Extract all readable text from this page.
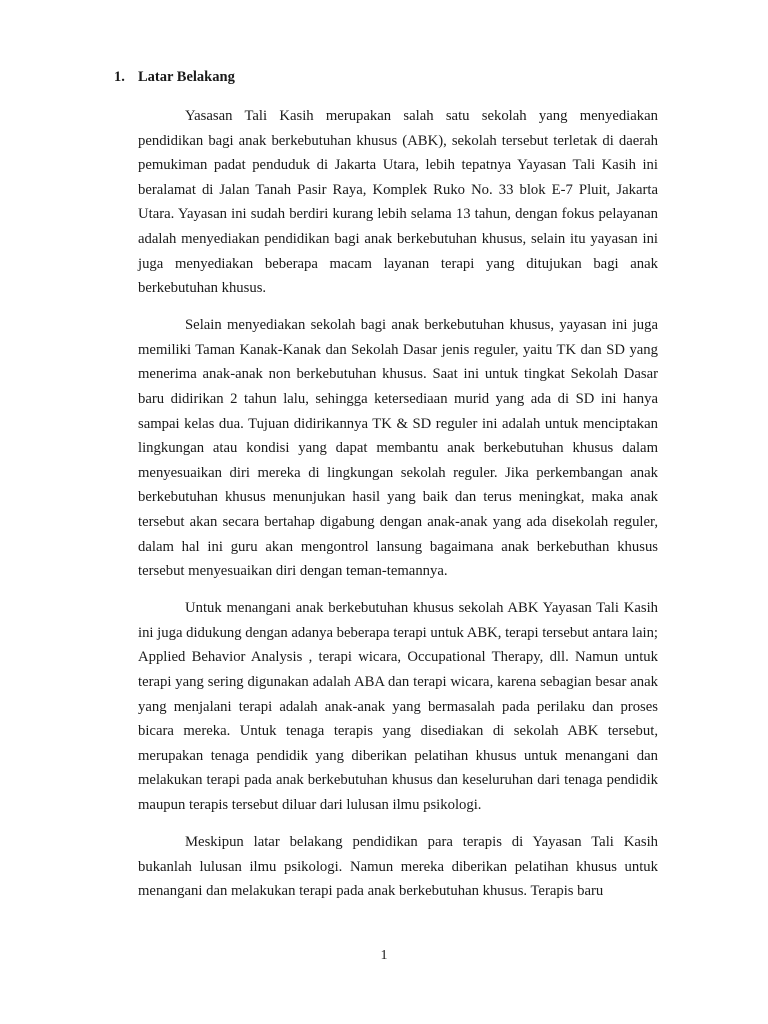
1. Latar Belakang

Yasasan Tali Kasih merupakan salah satu sekolah yang menyediakan pendidikan bagi anak berkebutuhan khusus (ABK), sekolah tersebut terletak di daerah pemukiman padat penduduk di Jakarta Utara, lebih tepatnya Yayasan Tali Kasih ini beralamat di Jalan Tanah Pasir Raya, Komplek Ruko No. 33 blok E-7 Pluit, Jakarta Utara. Yayasan ini sudah berdiri kurang lebih selama 13 tahun, dengan fokus pelayanan adalah menyediakan pendidikan bagi anak berkebutuhan khusus, selain itu yayasan ini juga menyediakan beberapa macam layanan terapi yang ditujukan bagi anak berkebutuhan khusus.

Selain menyediakan sekolah bagi anak berkebutuhan khusus, yayasan ini juga memiliki Taman Kanak-Kanak dan Sekolah Dasar jenis reguler, yaitu TK dan SD yang menerima anak-anak non berkebutuhan khusus. Saat ini untuk tingkat Sekolah Dasar baru didirikan 2 tahun lalu, sehingga ketersediaan murid yang ada di SD ini hanya sampai kelas dua. Tujuan didirikannya TK & SD reguler ini adalah untuk menciptakan lingkungan atau kondisi yang dapat membantu anak berkebutuhan khusus dalam menyesuaikan diri mereka di lingkungan sekolah reguler. Jika perkembangan anak berkebutuhan khusus menunjukan hasil yang baik dan terus meningkat, maka anak tersebut akan secara bertahap digabung dengan anak-anak yang ada disekolah reguler, dalam hal ini guru akan mengontrol lansung bagaimana anak berkebuthan khusus tersebut menyesuaikan diri dengan teman-temannya.

Untuk menangani anak berkebutuhan khusus sekolah ABK Yayasan Tali Kasih ini juga didukung dengan adanya beberapa terapi untuk ABK, terapi tersebut antara lain; Applied Behavior Analysis , terapi wicara, Occupational Therapy, dll. Namun untuk terapi yang sering digunakan adalah ABA dan terapi wicara, karena sebagian besar anak yang menjalani terapi adalah anak-anak yang bermasalah pada perilaku dan proses bicara mereka. Untuk tenaga terapis yang disediakan di sekolah ABK tersebut, merupakan tenaga pendidik yang diberikan pelatihan khusus untuk menangani dan melakukan terapi pada anak berkebutuhan khusus dan keseluruhan dari tenaga pendidik maupun terapis tersebut diluar dari lulusan ilmu psikologi.

Meskipun latar belakang pendidikan para terapis di Yayasan Tali Kasih bukanlah lulusan ilmu psikologi. Namun mereka diberikan pelatihan khusus untuk menangani dan melakukan terapi pada anak berkebutuhan khusus. Terapis baru

1
